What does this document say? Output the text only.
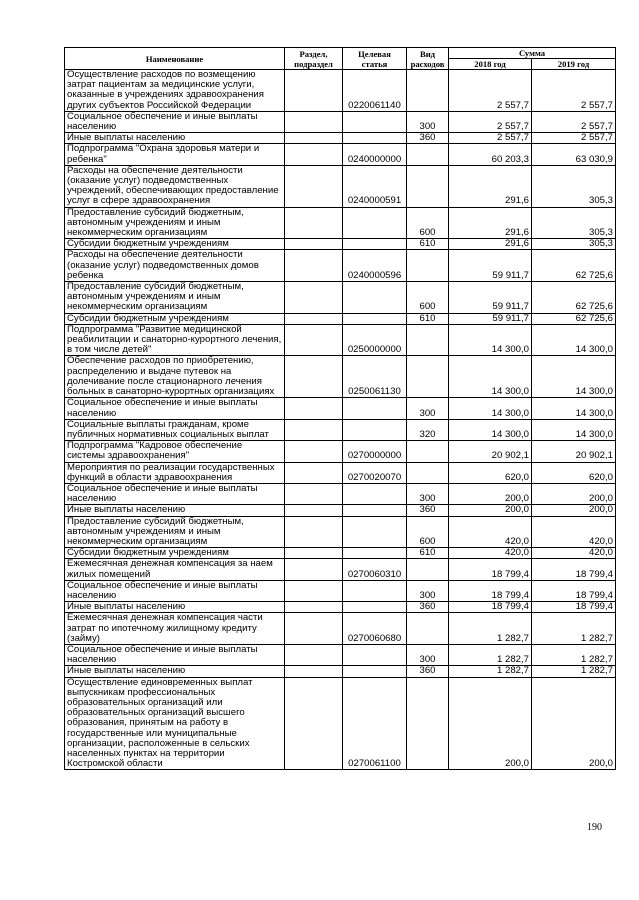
Наименование	Раздел, подраздел	Целевая статья	Вид расходов	Сумма	
				2018 год	2019 год
Осуществление расходов по возмещению затрат пациентам за медицинские услуги, оказанные в учреждениях здравоохранения других субъектов Российской Федерации		0220061140		2 557,7	2 557,7
Социальное обеспечение и иные выплаты населению			300	2 557,7	2 557,7
Иные выплаты населению			360	2 557,7	2 557,7
Подпрограмма "Охрана здоровья матери и ребенка"		0240000000		60 203,3	63 030,9
Расходы на обеспечение деятельности (оказание услуг) подведомственных учреждений, обеспечивающих предоставление услуг в сфере здравоохранения		0240000591		291,6	305,3
Предоставление субсидий бюджетным, автономным учреждениям и иным некоммерческим организациям			600	291,6	305,3
Субсидии бюджетным учреждениям			610	291,6	305,3
Расходы на обеспечение деятельности (оказание услуг) подведомственных домов ребенка		0240000596		59 911,7	62 725,6
Предоставление субсидий бюджетным, автономным учреждениям и иным некоммерческим организациям			600	59 911,7	62 725,6
Субсидии бюджетным учреждениям			610	59 911,7	62 725,6
Подпрограмма "Развитие медицинской реабилитации и санаторно-курортного лечения, в том числе детей"		0250000000		14 300,0	14 300,0
Обеспечение расходов по приобретению, распределению и выдаче путевок на долечивание после стационарного лечения больных в санаторно-курортных организациях		0250061130		14 300,0	14 300,0
Социальное обеспечение и иные выплаты населению			300	14 300,0	14 300,0
Социальные выплаты гражданам, кроме публичных нормативных социальных выплат			320	14 300,0	14 300,0
Подпрограмма "Кадровое обеспечение системы здравоохранения"		0270000000		20 902,1	20 902,1
Мероприятия по реализации государственных функций в области здравоохранения		0270020070		620,0	620,0
Социальное обеспечение и иные выплаты населению			300	200,0	200,0
Иные выплаты населению			360	200,0	200,0
Предоставление субсидий бюджетным, автономным учреждениям и иным некоммерческим организациям			600	420,0	420,0
Субсидии бюджетным учреждениям			610	420,0	420,0
Ежемесячная денежная компенсация за наем жилых помещений		0270060310		18 799,4	18 799,4
Социальное обеспечение и иные выплаты населению			300	18 799,4	18 799,4
Иные выплаты населению			360	18 799,4	18 799,4
Ежемесячная денежная компенсация части затрат по ипотечному жилищному кредиту (займу)		0270060680		1 282,7	1 282,7
Социальное обеспечение и иные выплаты населению			300	1 282,7	1 282,7
Иные выплаты населению			360	1 282,7	1 282,7
Осуществление единовременных выплат выпускникам профессиональных образовательных организаций или образовательных организаций высшего образования, принятым на работу в государственные или муниципальные организации, расположенные в сельских населенных пунктах на территории Костромской области		0270061100		200,0	200,0
190
